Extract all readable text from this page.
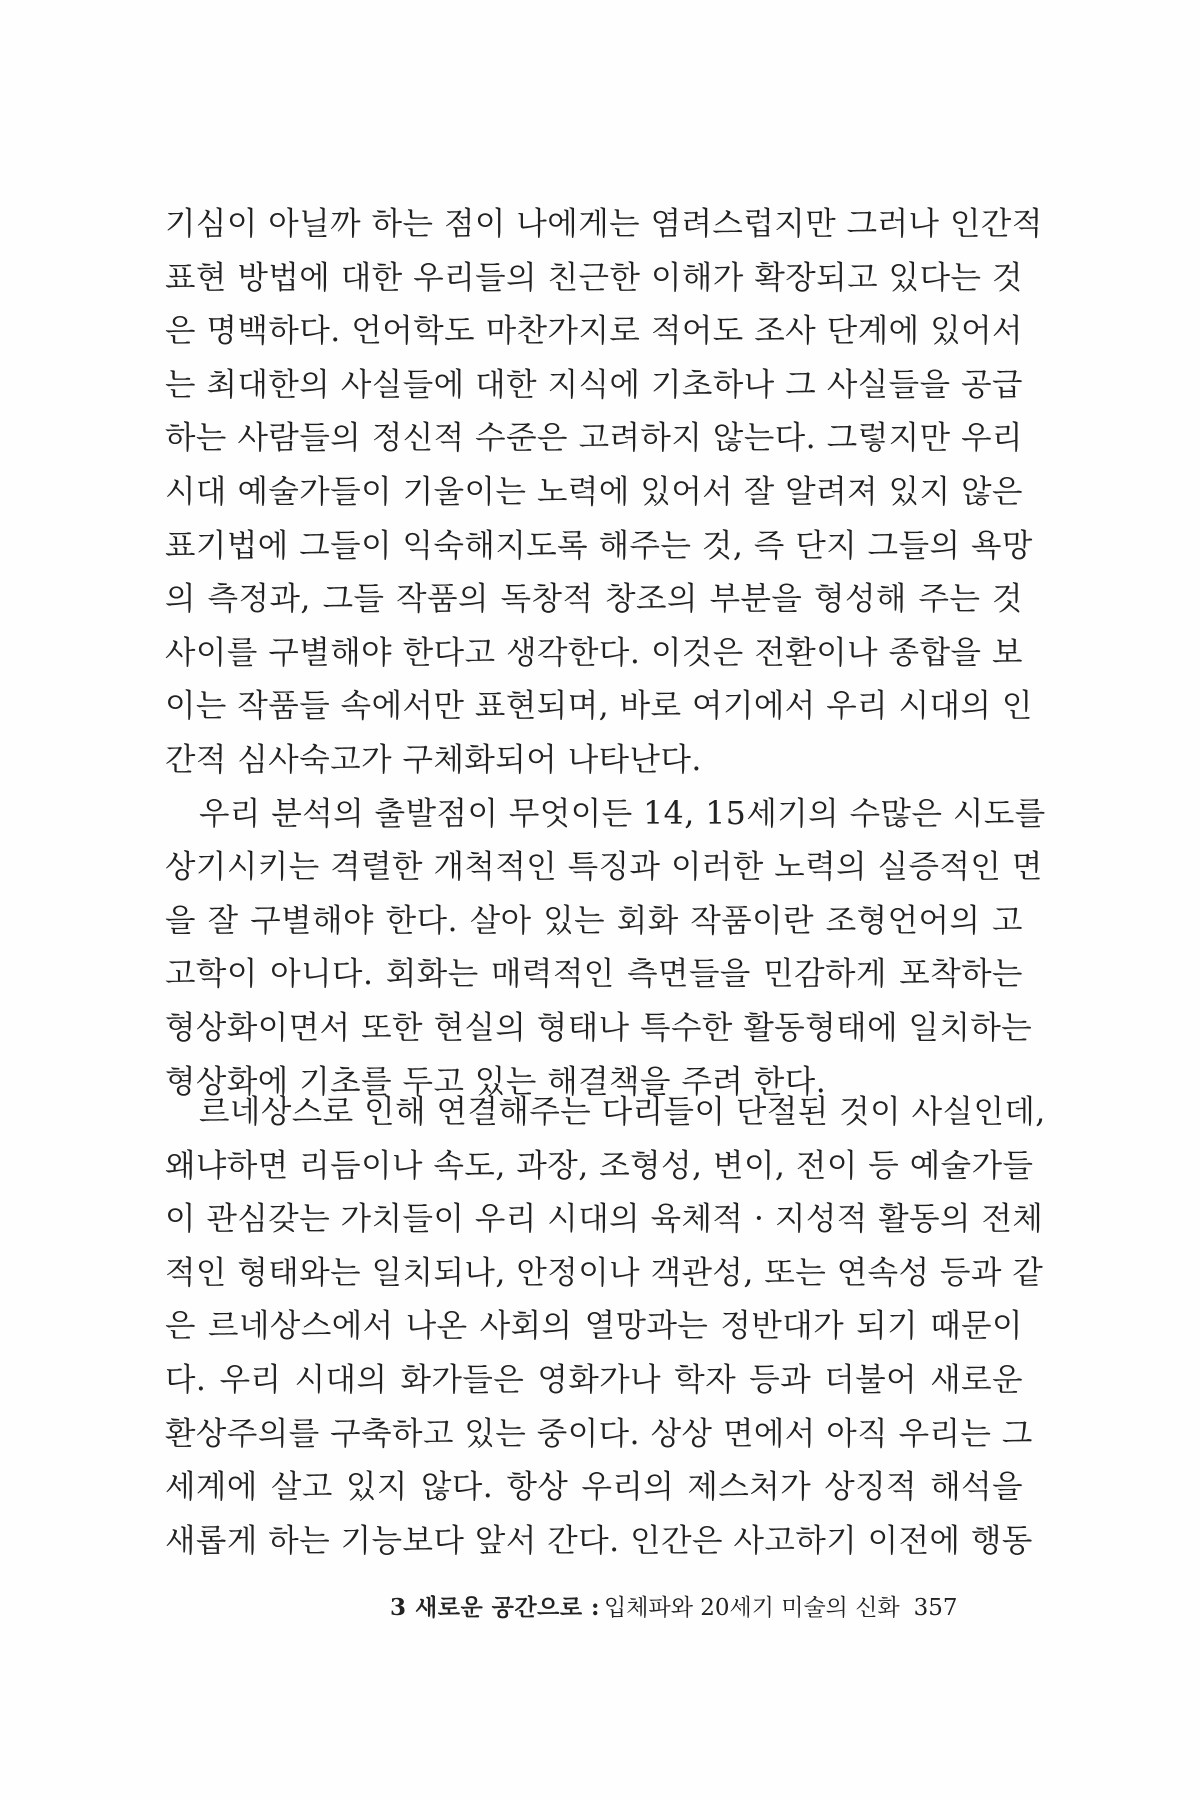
기심이 아닐까 하는 점이 나에게는 염려스럽지만 그러나 인간적
표현 방법에 대한 우리들의 친근한 이해가 확장되고 있다는 것
은 명백하다. 언어학도 마찬가지로 적어도 조사 단계에 있어서
는 최대한의 사실들에 대한 지식에 기초하나 그 사실들을 공급
하는 사람들의 정신적 수준은 고려하지 않는다. 그렇지만 우리
시대 예술가들이 기울이는 노력에 있어서 잘 알려져 있지 않은
표기법에 그들이 익숙해지도록 해주는 것, 즉 단지 그들의 욕망
의 측정과, 그들 작품의 독창적 창조의 부분을 형성해 주는 것
사이를 구별해야 한다고 생각한다. 이것은 전환이나 종합을 보
이는 작품들 속에서만 표현되며, 바로 여기에서 우리 시대의 인
간적 심사숙고가 구체화되어 나타난다.
우리 분석의 출발점이 무엇이든 14, 15세기의 수많은 시도를
상기시키는 격렬한 개척적인 특징과 이러한 노력의 실증적인 면
을 잘 구별해야 한다. 살아 있는 회화 작품이란 조형언어의 고
고학이 아니다. 회화는 매력적인 측면들을 민감하게 포착하는
형상화이면서 또한 현실의 형태나 특수한 활동형태에 일치하는
형상화에 기초를 두고 있는 해결책을 주려 한다.
르네상스로 인해 연결해주는 다리들이 단절된 것이 사실인데,
왜냐하면 리듬이나 속도, 과장, 조형성, 변이, 전이 등 예술가들
이 관심갖는 가치들이 우리 시대의 육체적 · 지성적 활동의 전체
적인 형태와는 일치되나, 안정이나 객관성, 또는 연속성 등과 같
은 르네상스에서 나온 사회의 열망과는 정반대가 되기 때문이
다. 우리 시대의 화가들은 영화가나 학자 등과 더불어 새로운
환상주의를 구축하고 있는 중이다. 상상 면에서 아직 우리는 그
세계에 살고 있지 않다. 항상 우리의 제스처가 상징적 해석을
새롭게 하는 기능보다 앞서 간다. 인간은 사고하기 이전에 행동
3 새로운 공간으로 : 입체파와 20세기 미술의 신화 357
